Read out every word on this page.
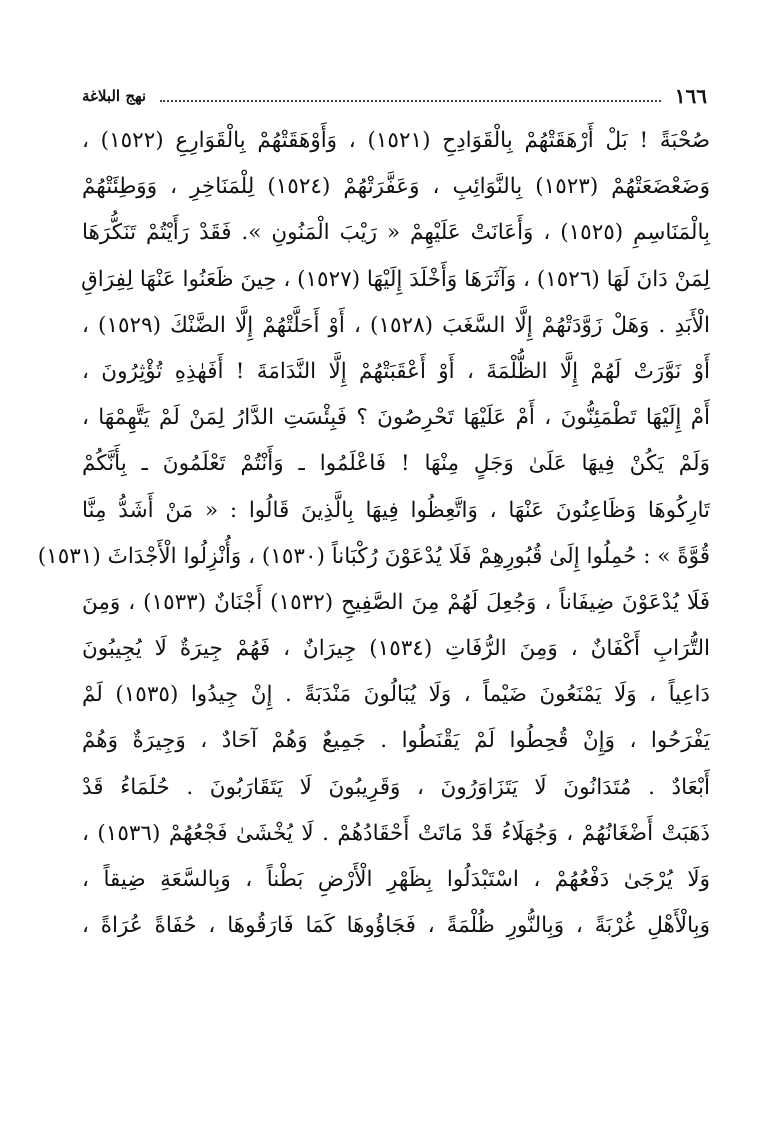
١٦٦
نهج البلاغة
صُحْبَةً ! بَلْ أَرْهَقَتْهُمْ بِالْقَوَادِحِ (١٥٢١) ، وَأَوْهَقَتْهُمْ بِالْقَوَارِعِ (١٥٢٢) ،
وَضَعْضَعَتْهُمْ (١٥٢٣) بِالنَّوَائِبِ ، وَعَفَّرَتْهُمْ (١٥٢٤) لِلْمَنَاخِرِ ، وَوَطِئَتْهُمْ
بِالْمَنَاسِمِ (١٥٢٥) ، وَأَعَانَتْ عَلَيْهِمْ « رَيْبَ الْمَنُونِ ». فَقَدْ رَأَيْتُمْ تَنَكُّرَهَا
لِمَنْ دَانَ لَهَا (١٥٢٦) ، وَآثَرَهَا وَأَخْلَدَ إِلَيْهَا (١٥٢٧) ، حِينَ ظَعَنُوا عَنْهَا لِفِرَاقِ
الْأَبَدِ . وَهَلْ زَوَّدَتْهُمْ إِلَّا السَّغَبَ (١٥٢٨) ، أَوْ أَحَلَّتْهُمْ إِلَّا الضَّنْكَ (١٥٢٩) ،
أَوْ نَوَّرَتْ لَهُمْ إِلَّا الظُّلْمَةَ ، أَوْ أَعْقَبَتْهُمْ إِلَّا النَّدَامَةَ ! أَفَهٰذِهِ تُؤْثِرُونَ ،
أَمْ إِلَيْهَا تَطْمَئِنُّونَ ، أَمْ عَلَيْهَا تَحْرِصُونَ ؟ فَبِئْسَتِ الدَّارُ لِمَنْ لَمْ يَتَّهِمْهَا ،
وَلَمْ يَكُنْ فِيهَا عَلَىٰ وَجَلٍ مِنْهَا ! فَاعْلَمُوا ـ وَأَنْتُمْ تَعْلَمُونَ ـ بِأَنَّكُمْ
تَارِكُوهَا وَظَاعِنُونَ عَنْهَا ، وَاتَّعِظُوا فِيهَا بِالَّذِينَ قَالُوا : « مَنْ أَشَدُّ مِنَّا
قُوَّةً » : حُمِلُوا إِلَىٰ قُبُورِهِمْ فَلَا يُدْعَوْنَ رُكْبَاناً (١٥٣٠) ، وَأُنْزِلُوا الْأَجْدَاثَ (١٥٣١)
فَلَا يُدْعَوْنَ ضِيفَاناً ، وَجُعِلَ لَهُمْ مِنَ الصَّفِيحِ (١٥٣٢) أَجْنَانٌ (١٥٣٣) ، وَمِنَ
التُّرَابِ أَكْفَانٌ ، وَمِنَ الرُّفَاتِ (١٥٣٤) جِيرَانٌ ، فَهُمْ جِيرَةٌ لَا يُجِيبُونَ
دَاعِياً ، وَلَا يَمْنَعُونَ ضَيْماً ، وَلَا يُبَالُونَ مَنْدَبَةً . إِنْ جِيدُوا (١٥٣٥) لَمْ
يَفْرَحُوا ، وَإِنْ قُحِطُوا لَمْ يَقْنَطُوا . جَمِيعٌ وَهُمْ آحَادٌ ، وَجِيرَةٌ وَهُمْ
أَبْعَادٌ . مُتَدَانُونَ لَا يَتَزَاوَرُونَ ، وَقَرِيبُونَ لَا يَتَقَارَبُونَ . حُلَمَاءُ قَدْ
ذَهَبَتْ أَضْغَانُهُمْ ، وَجُهَلَاءُ قَدْ مَاتَتْ أَحْقَادُهُمْ . لَا يُخْشَىٰ فَجْعُهُمْ (١٥٣٦) ،
وَلَا يُرْجَىٰ دَفْعُهُمْ ، اسْتَبْدَلُوا بِظَهْرِ الْأَرْضِ بَطْناً ، وَبِالسَّعَةِ ضِيقاً ،
وَبِالْأَهْلِ غُرْبَةً ، وَبِالنُّورِ ظُلْمَةً ، فَجَاؤُوهَا كَمَا فَارَقُوهَا ، حُفَاةً عُرَاةً ،
